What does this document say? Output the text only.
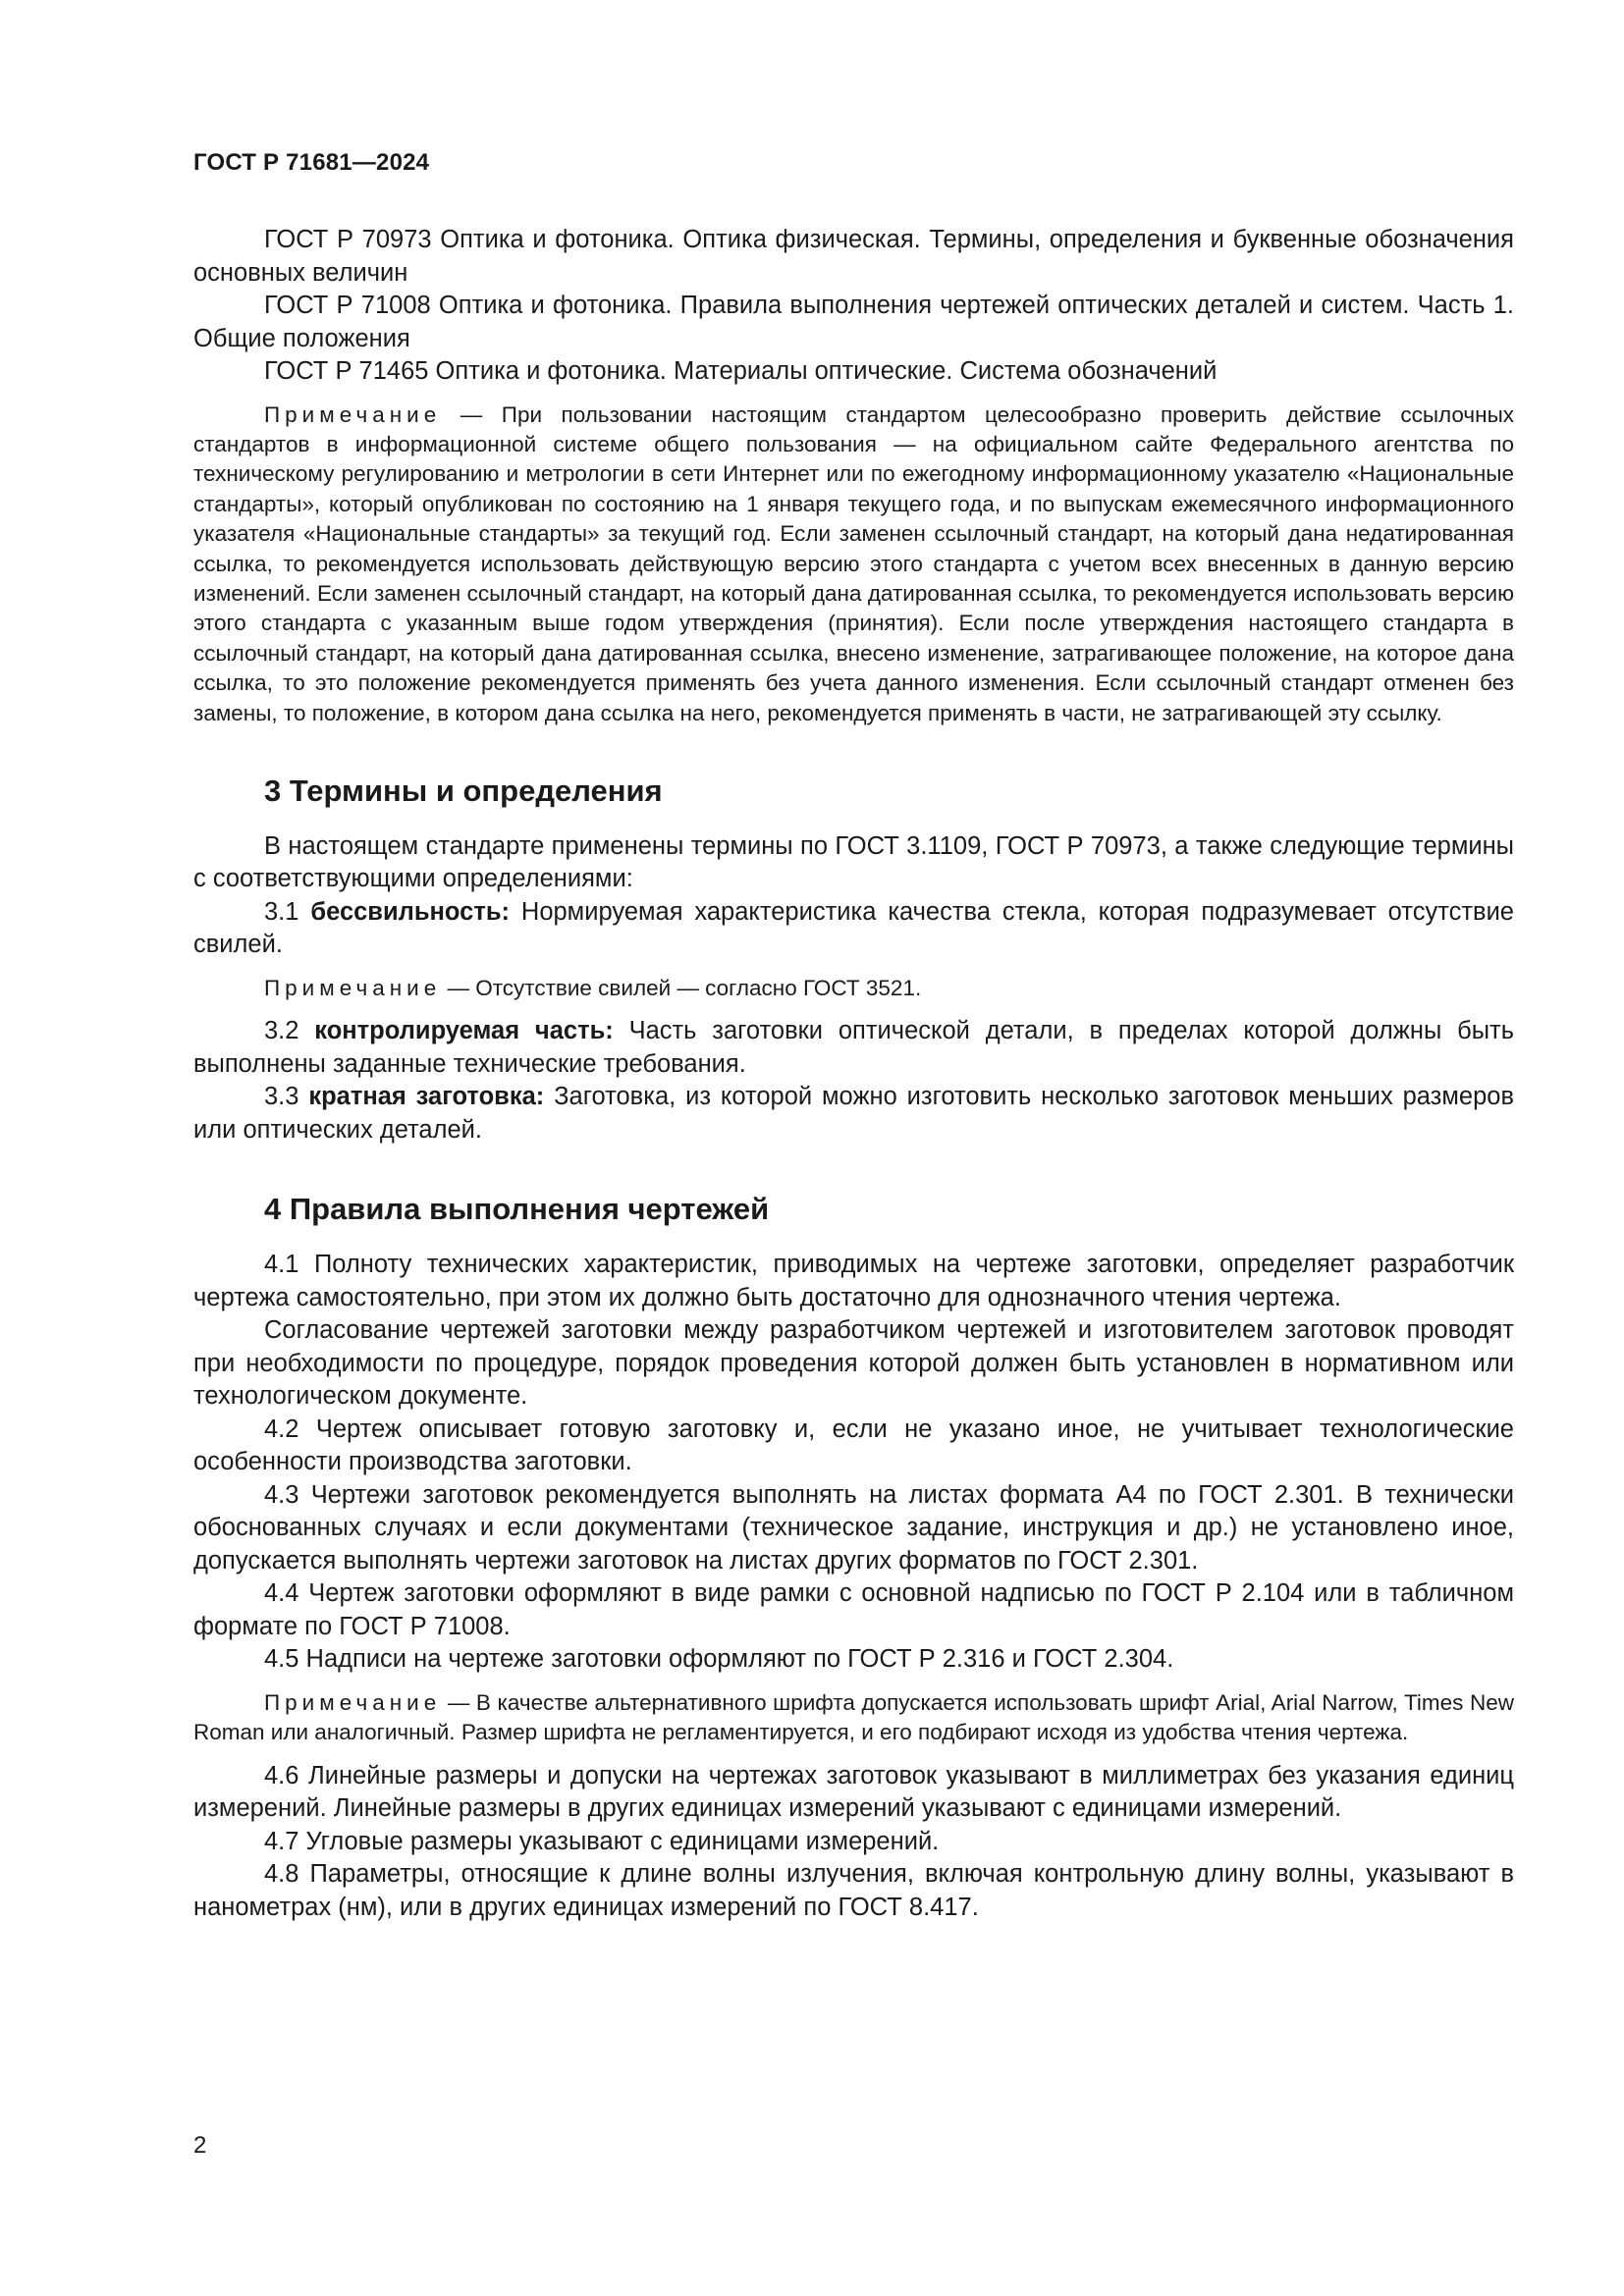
ГОСТ Р 71681—2024

ГОСТ Р 70973 Оптика и фотоника. Оптика физическая. Термины, определения и буквенные обозначения основных величин

ГОСТ Р 71008 Оптика и фотоника. Правила выполнения чертежей оптических деталей и систем. Часть 1. Общие положения

ГОСТ Р 71465 Оптика и фотоника. Материалы оптические. Система обозначений

Примечание — При пользовании настоящим стандартом целесообразно проверить действие ссылочных стандартов в информационной системе общего пользования — на официальном сайте Федерального агентства по техническому регулированию и метрологии в сети Интернет или по ежегодному информационному указателю «Национальные стандарты», который опубликован по состоянию на 1 января текущего года, и по выпускам ежемесячного информационного указателя «Национальные стандарты» за текущий год. Если заменен ссылочный стандарт, на который дана недатированная ссылка, то рекомендуется использовать действующую версию этого стандарта с учетом всех внесенных в данную версию изменений. Если заменен ссылочный стандарт, на который дана датированная ссылка, то рекомендуется использовать версию этого стандарта с указанным выше годом утверждения (принятия). Если после утверждения настоящего стандарта в ссылочный стандарт, на который дана датированная ссылка, внесено изменение, затрагивающее положение, на которое дана ссылка, то это положение рекомендуется применять без учета данного изменения. Если ссылочный стандарт отменен без замены, то положение, в котором дана ссылка на него, рекомендуется применять в части, не затрагивающей эту ссылку.

3 Термины и определения

В настоящем стандарте применены термины по ГОСТ 3.1109, ГОСТ Р 70973, а также следующие термины с соответствующими определениями:

3.1 бессвильность: Нормируемая характеристика качества стекла, которая подразумевает отсутствие свилей.

Примечание — Отсутствие свилей — согласно ГОСТ 3521.

3.2 контролируемая часть: Часть заготовки оптической детали, в пределах которой должны быть выполнены заданные технические требования.

3.3 кратная заготовка: Заготовка, из которой можно изготовить несколько заготовок меньших размеров или оптических деталей.

4 Правила выполнения чертежей

4.1 Полноту технических характеристик, приводимых на чертеже заготовки, определяет разработчик чертежа самостоятельно, при этом их должно быть достаточно для однозначного чтения чертежа.

Согласование чертежей заготовки между разработчиком чертежей и изготовителем заготовок проводят при необходимости по процедуре, порядок проведения которой должен быть установлен в нормативном или технологическом документе.

4.2 Чертеж описывает готовую заготовку и, если не указано иное, не учитывает технологические особенности производства заготовки.

4.3 Чертежи заготовок рекомендуется выполнять на листах формата А4 по ГОСТ 2.301. В технически обоснованных случаях и если документами (техническое задание, инструкция и др.) не установлено иное, допускается выполнять чертежи заготовок на листах других форматов по ГОСТ 2.301.

4.4 Чертеж заготовки оформляют в виде рамки с основной надписью по ГОСТ Р 2.104 или в табличном формате по ГОСТ Р 71008.

4.5 Надписи на чертеже заготовки оформляют по ГОСТ Р 2.316 и ГОСТ 2.304.

Примечание — В качестве альтернативного шрифта допускается использовать шрифт Arial, Arial Narrow, Times New Roman или аналогичный. Размер шрифта не регламентируется, и его подбирают исходя из удобства чтения чертежа.

4.6 Линейные размеры и допуски на чертежах заготовок указывают в миллиметрах без указания единиц измерений. Линейные размеры в других единицах измерений указывают с единицами измерений.

4.7 Угловые размеры указывают с единицами измерений.

4.8 Параметры, относящие к длине волны излучения, включая контрольную длину волны, указывают в нанометрах (нм), или в других единицах измерений по ГОСТ 8.417.

2
